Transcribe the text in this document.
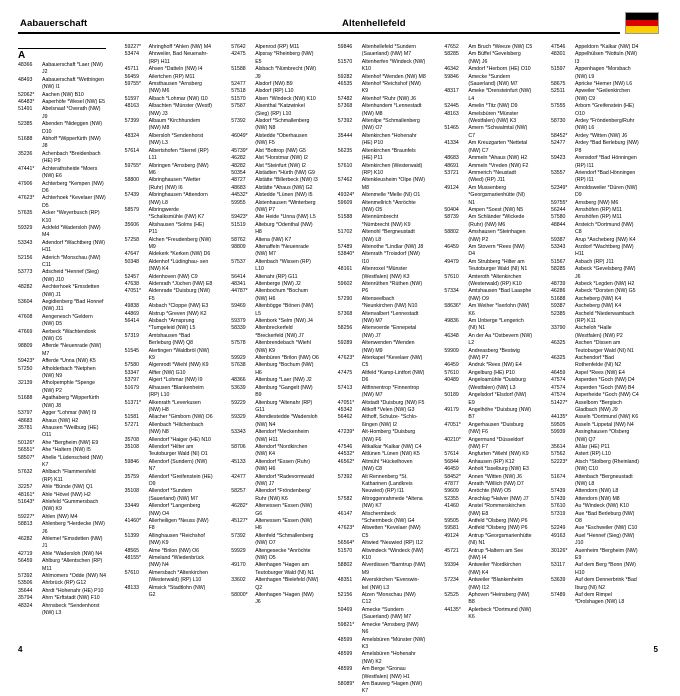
Aabauerschaft	Altenhellefeld
A
48366	Aabauerschaft *Laer (NW) J2
48493	Aabauerschaft *Wettringen (NW) I1
52062*	Aachen (NW) B10
46483*	Aaperhöfe *Wesel (NW) E5
51491	Abelsnaaf *Overath (NW) J9
52385	Abenden *Nideggen (NW) D10
51688	Abhoff *Wipperfürth (NW) J8
35236	Achenbach *Breidenbach (HE) P9
47441*	Achterathsheide *Moers (NW) E6
47906	Achterberg *Kempen (NW) D6
47623*	Achterhoek *Kevelaer (NW) D5
57635	Acker *Weyerbusch (RP) K10
59329	Ackfeld *Wadersloh (NW) M4
53343	Adendorf *Wachtberg (NW) H11
52156	Aderich *Monschau (NW) C11
53773	Adscheid *Hennef (Sieg) (NW) J10
48282	Aechterhoek *Emsdetten (NW) J1
53604	Aegidienberg *Bad Honnef (NW) J11
47608	Aengenesch *Geldern (NW) D5
47669	Aerbeck *Wachtendonk (NW) C6
98809	Afferde *Neuenrade (NW) M7
59423*	Afferde *Unna (NW) K5
57250	Afholderbach *Netphen (NW) N9
32139	Afholpemphle *Spenge (NW) P2
51688	Agathaberg *Wipperfürth (NW) J8
53797	Agger *Lohmar (NW) I9
48683	Ahaus (NW) H2
35781	Ahausen *Weilburg (HE) O11
50126*	Ahe *Bergheim (NW) E9
56551*	Ahe *Haltern (NW) I5
58507*	Ahelle *Lüdenscheid (NW) K7
57632	Ahlbach *Flammersfeld (RP) K11
32257	Ahle *Bünde (NW) Q1
48161*	Ahle *Hövel (NW) H2
51643*	Ahlefeld *Gummersbach (NW) K9
59227*	Ahlen (NW) M4
58813	Ahlenberg *Herdecke (NW) J6
46282	Ahlemel *Emsdetten (NW) J1
42719	Ahle *Wadersloh (NW) N4
56459	Ahlburg *Allentschen (RP) M11
57392	Ahlmomers *Odde (NW) N4
53506	Ahrbrück (RP) G12
35644	Ahrdt *Hohenahr (HE) P10
35794	Ahrn *Erftstadt (NW) F10
48324	Ahrnsbeck *Sendenhorst (NW) L3
59227*	Ahringhoff *Ahlen (NW) M4
53474	Ahrweiler, Bad Neuenahr- (RP) H11
45711	Ahsen *Datteln (NW) I4
56459	Ailertchen (RP) M11
59755*	Amsthausen *Arnsberg (NW) M6
51597	Albach *Lohmar (NW) I10
48163	Albachten *Münster (Westf) (NW) J3
57399	Albaum *Kirchhundem (NW) M8
48324	Albersloh *Sendenhorst (NW) L3
57614	Albertshofen *Sterrel (RP) L11
59755*	Albringen *Arnsberg (NW) M6
58800	Albringhausen *Wetter (Ruhr) (NW) I6
57439	Albringhausen *Attendorn (NW) L8
58579	Albringwerde *Schalksmühle (NW) K7
35606	Altshausen *Solms (HE) P11
57258	Alchen *Freudenberg (NW) M9
47647	Aldekerk *Kerken (NW) D6
50348	Aldenhof *Lüdinghau- sen (NW) K4
52457	Aldenhoven (NW) C9
47638	Aldenrath *Jüchen (NW) E8
47051*	Aldenrade *Duisburg (NW) F5
49838	Alsbach *Cloppe (NW) E3
44869	Alstrup *Greven (NW) K2
56414	Alsbach *Arnsprung *Tumgeleid (NW) L5
57319	Amtshausen *Bad Berleburg (NW) Q8
51545	Alertingen *Waldbröl (NW) K9
57580	Algenrodt *Wiehl (NW) K9
53347	Alfter (NW) G10
53797	Algert *Lohmar (NW) I9
51679	Alhausen *Blankenheim (RP) L10
51371*	Alkenrath *Leverkusen (NW) H8
51581	Allacher *Gimborn (NW) O6
57271	Allenbach *Hilchenbach (NW) N8
35708	Allendorf *Haiger (HE) N10
35108	Allendorf *Hilter am Teutoburger Wald (NI) O1
59846	Allendorf (Sundern) (NW) N7
35759	Allendorf *Greifenstein (HE) O9
35108	Allendorf *Sundern (Sauerland) (NW) M7
33449	Allendorf *Langenberg (NW) O4
41460*	Allerheiligen *Neuss (NW) F8
51399	Allinghausen *Reichshof (NW) K9
48565	Alme *Brilon (NW) O6
48155*	Almeland *Wiedenbrück (NW) N4
57610	Almersbach *Altenkirchen (Westerwald) (RP) L10
48133	Almsick *Stadtlohn (NW) G2
57642	Alpenrod (RP) M11
42475	Alpsray *Rheinberg (NW) E5
51588	Alsbach *Nümbrecht (NW) J9
52477	Alsdorf (NW) B9
57518	Alsdorf (RP) L10
51570	Alsen *Windeck (NW) K10
57587	Alsenthal *Katzwinkel (Sieg) (RP) L10
57392	Alsdorf *Schmallenberg (NW) N8
46049*	Alstedde *Oberhausen (NW) F5
45739*	Alst *Bottrop (NW) G5
46282	Alst *Horstmar (NW) I2
48282	Alst *Steinfurt (NW) I2
50354	Alstädten *Hürth (NW) G9
48727	Alstätte *Billerbeck (NW) I3
48683	Alstätte *Ahaus (NW) G2
44532*	Alstedde *Lünen (NW) I5
59955	Alstenhausen *Winterberg (NW) P7
59423*	Alte Heide *Unna (NW) L5
51519	Alteburg *Odenthal (NW) H8
58762	Altena (NW) K7
98809	Altenaffeln *Neuenrade (NW) M7
57537	Altenbach *Wissen (RP) L10
56414	Altenahr (RP) G11
48341	Altenberge (NW) J2
44787*	Altenbochum *Bochum (NW) H6
59469	Altenbögge *Bönen (NW) L5
59379	Altenbork *Selm (NW) J4
58339	Altenbreckerfeld *Breckerfeld (NW) J7
57578	Altenbrendebach *Wiehl (NW) K9
59929	Altenbüren *Brilon (NW) O6
57638	Altenburg *Bochum (NW) H6
48366	Altenburg *Laer (NW) J2
53639	Altenburg *Gangelt (NW) B9
59229	Altenburg *Altenahr (RP) G11
59329	Altendiestedde *Wadersloh (NW) N4
53343	Altendorf *Meckenheim (NW) H11
58706	Altendorf *Nordkirchen (NW) K4
45133	Altendorf *Essen (Ruhr) (NW) H6
42477	Altendorf *Radevormwald (NW) J7
58257	Altendorf *Fröndenberg/ Ruhr (NW) K6
46282*	Altenessen *Essen (NW) G6
45127*	Altenessen *Essen (NW) H6
57392	Altenfeld *Schmallenberg (NW) O7
59929	Altengesecke *Anröchte (NW) O5
49170	Altenhagen *Hagen am Teutoburger Wald (NI) N1
33602	Altenhagen *Bielefeld (NW) Q2
58000*	Altenhagen *Hagen (NW) J6
59846	Altenhellefeld *Sundern (Sauerland) (NW) M7
51570	Altenherfen *Windeck (NW) K10
59282	Altenhof *Wenden (NW) M8
46535	Altenhof *Reichshof (NW) K9
57482	Altenhof *Ruhr (NW) J6
57368	Altenhundem *Lennestadt (NW) M8
57392	Altenilpe *Schmallenberg (NW) O7
35444	Altenkirchen *Hohenahr (HE) P10
56235	Altenkirchen *Braunfels (HE) P11
57610	Altenkirchen (Westerwald) (RP) K10
57462	Altenkleusheim *Olpe (NW) M8
49324*	Altenmelle *Melle (NI) O1
59609	Altenmellrich *Anröchte (NW) O5
51588	Altennümbrecht *Nümbrecht (NW) K9
51702	Altenohl *Bergneustadt (NW) L8
57489	Altenothe *Lindlar (NW) J8
53840*	Altenrath *Troisdorf (NW) I10
48161	Altenroxel *Münster (Westfalen) (NW) K3
59602	Altenrüthen *Rüthen (NW) P6
57290	Altenseelbach *Neunkirchen (NW) N10
57368	Altenvalbert *Lennestadt (NW) M7
58256	Altenvoerde *Ennepetal (NW) J7
59289	Altenwenden *Wenden (NW) M9
47623*	Alterkapel *Kevelaer (NW) C5
47475	Altfeld *Kamp-Lintfort (NW) D6
57413	Altfinnentrop *Finnentrop (NW) M7
47051*	Altstadt *Duisburg (NW) F5
45342	Altkoff *Velen (NW) G3
56462	Althoff, Schulze- *Schlo- ßingen (NW) I2
47239*	Alt-Homberg *Duisburg (NW) F6
47546	Altkalkar *Kalkar (NW) C4
44532*	Altlünen *Lünen (NW) K5
46562*	Altmühl *Hückelhoven (NW) C8
57392	Alt Rennenberg *St. Katharinen (Landkreis
Neuwied) (RP) I11
57582	Altroggenrahmede *Altena (NW) K7
46147	Altschermbeck *Schermbeck (NW) G4
47623*	Altwetten *Kevelaer (NW) C5
56564*	Altwied *Neuwied (RP) I12
51570	Altwindeck *Windeck (NW) K10
58802	Alverdissen *Barntrup (NW) M9
48351	Alverskirchen *Everswin- kel (NW) L3
52156	Alzen *Monschau (NW) C12
59469	Amecke *Sundern (Sauerland) (NW) M7
59821*	Amecke *Arnsberg (NW) N6
48599	Amelsbüren *Münster (NW) K3
48599	Amelsbüren *Hohenahr (NW) K2
48599	Am Berge *Gronau (Westfalen) (NW) H1
58089*	Am Bauweg *Hagen (NW) K7
47652	Am Bruch *Weeze (NW) C5
58285	Am Büffel *Gevelsberg (NW) J6
46342	Amdorf *Herborn (HE) O10
59846	Amecke *Sundern (Sauerland) (NW) M7
48317	Ameke *Drensteinfurt (NW) L4
52445	Amelin *Titz (NW) D9
48163	Amelsbüren *Münster (Westfalen) (NW) K3
51465	Amern *Schwalmtal (NW) C7
41334	Am Kreuzgarten *Nettetal (NW) C7
48683	Ammeln *Ahaus (NW) H2
48691	Ammeln *Vreden (NW) F2
53721	Ammerich *Neustadt (Wied) (RP) J11
49124	Am Mussenberg *Georgsmarienhütte (NI)
N1
50404	Ampen *Soest (NW) N5
58739	Am Schländer *Wickede (Ruhr) (NW) M6
58802	Amshausen *Steinhagen (NW) P2
46459	Am Stovern *Rees (NW) D4
49479	Am Strubberg *Hilter am Teutoburger Wald (NI) N1
57610	Amteroth *Altenkirchen (Westerwald) (RP) K10
57334	Amtshausen *Bad Laasphe (NW) O9
58636*	Am Weiher *Iserlohn (NW) K6
49836	Am Unberge *Lengerich (NI) N1
46348	An der Aa *Ostbevern (NW) L2
59909	Andreasberg *Bestwig (NW) P7
46459	Andruk *Rees (NW) E4
57610	Angelburg (HE) P10
40489	Angeloamühle *Duisburg (Westfalen) (NW) L3
50189	Angelsdorf *Elsdorf (NW) E9
49179	Angelhöhe *Duisburg (NW) B7
47051*	Angerhausen *Duisburg (NW) F6
40210*	Angermund *Düsseldorf (NW) F7
57614	Angfurten *Wiehl (NW) K9
56844	Anhausen (RP) K12
46459	Anholt *Isselburg (NW) E3
58452*	Annen *Witten (NW) J6
47877	Anrath *Willich (NW) D7
59609	Anröchte (NW) O5
52355	Anschlag *Halver (NW) J7
41460	Anstel *Rommerskirchen (NW) E8
59505	Antfeld *Olsberg (NW) P6
59581	Antfeld *Olsberg (NW) P6
49124	Antrup *Georgsmarienhütte (NI) N1
45721	Antrup *Haltern am See (NW) I4
59394	Antweiler *Nordkirchen (NW) K4
57234	Antweiler *Blankenheim (NW) I12
52525	Aphoven *Heinsberg (NW) B8
44135*	Aplerbeck *Dortmund (NW) K6
47546	Appeldorn *Kalkar (NW) D4
48301	Appelhülsen *Nottuln (NW) I3
51597	Appenhagen *Morsbach (NW) L9
58675	Apricke *Hemer (NW) L6
52511	Apweiler *Geilenkirchen (NW) C9
57555	Arborn *Greifenstein (HE) O10
58730	Ardey *Fröndenberg/Ruhr (NW) L6
58452*	Ardey *Witten (NW) J6
52477	Ardey *Bad Berleburg (NW) P8
59423	Arensdorf *Bad Hönningen (RP) I11
53557	Ariendorf *Bad Hönningen (RP) I11
52349*	Arnoldsweiler *Düren (NW) D9
59755*	Arnsberg (NW) M6
56244	Arnshöfen (RP) M11
57580	Arnshöfen (RP) M11
48844	Arsteich *Dortmund (NW) C8
59387	Arup *Ascheberg (NW) K4
53343	Arzdorf *Wachtberg (NW) H11
51567	Asbach (RP) J11
58285	Asbeck *Gevelsberg (NW) J6
48739	Asbeck *Legden (NW) H2
46286	Asbeck *Dorsten (NW) G5
51688	Ascheberg (NW) K4
59387	Ascheberg (NW) K4
52385	Ascheld *Niederwambach (RP) K11
33790	Ascheloh *Halle (Westfalen) (NW) P2
46325	Aschen *Dissen am Teutoburger Wald (NI) N1
46325	Aschendorf *Bad Rothenfelde (NI) N2
46459	Aspel *Rees (NW) E4
47574	Asperden *Goch (NW) D4
47574	Asperden *Goch (NW) B4
47574	Asperheide *Goch (NW) C4
51427*	Asselborn *Bergisch Gladbach (NW) J9
44135*	Asseln *Dortmund (NW) K6
59505	Asseln *Lippetal (NW) N4
59939	Assinghausen *Olsberg (NW) Q7
35614	Aßlar (HE) P11
57562	Astert (RP) L10
52223*	Atsch *Stolberg (Rheinland) (NW) C10
51674	Attenbach *Bergneustadt (NW) L8
57439	Attendorn (NW) L8
57439	Attendorn (NW) M8
57610	Au *Windeck (NW) K10
57319	Aue *Bad Berleburg (NW) O8
52249	Aue *Eschweiler (NW) C10
49163	Auel *Hennef (Sieg) (NW) J10
30126*	Auenheim *Bergheim (NW) E9
53117	Auf dem Berg *Bonn (NW) H10
53639	Auf dem Dennerbrink *Bad Iburg (NI) N2
57489	Auf dem Rimpel *Drolshagen (NW) L8
4	5
